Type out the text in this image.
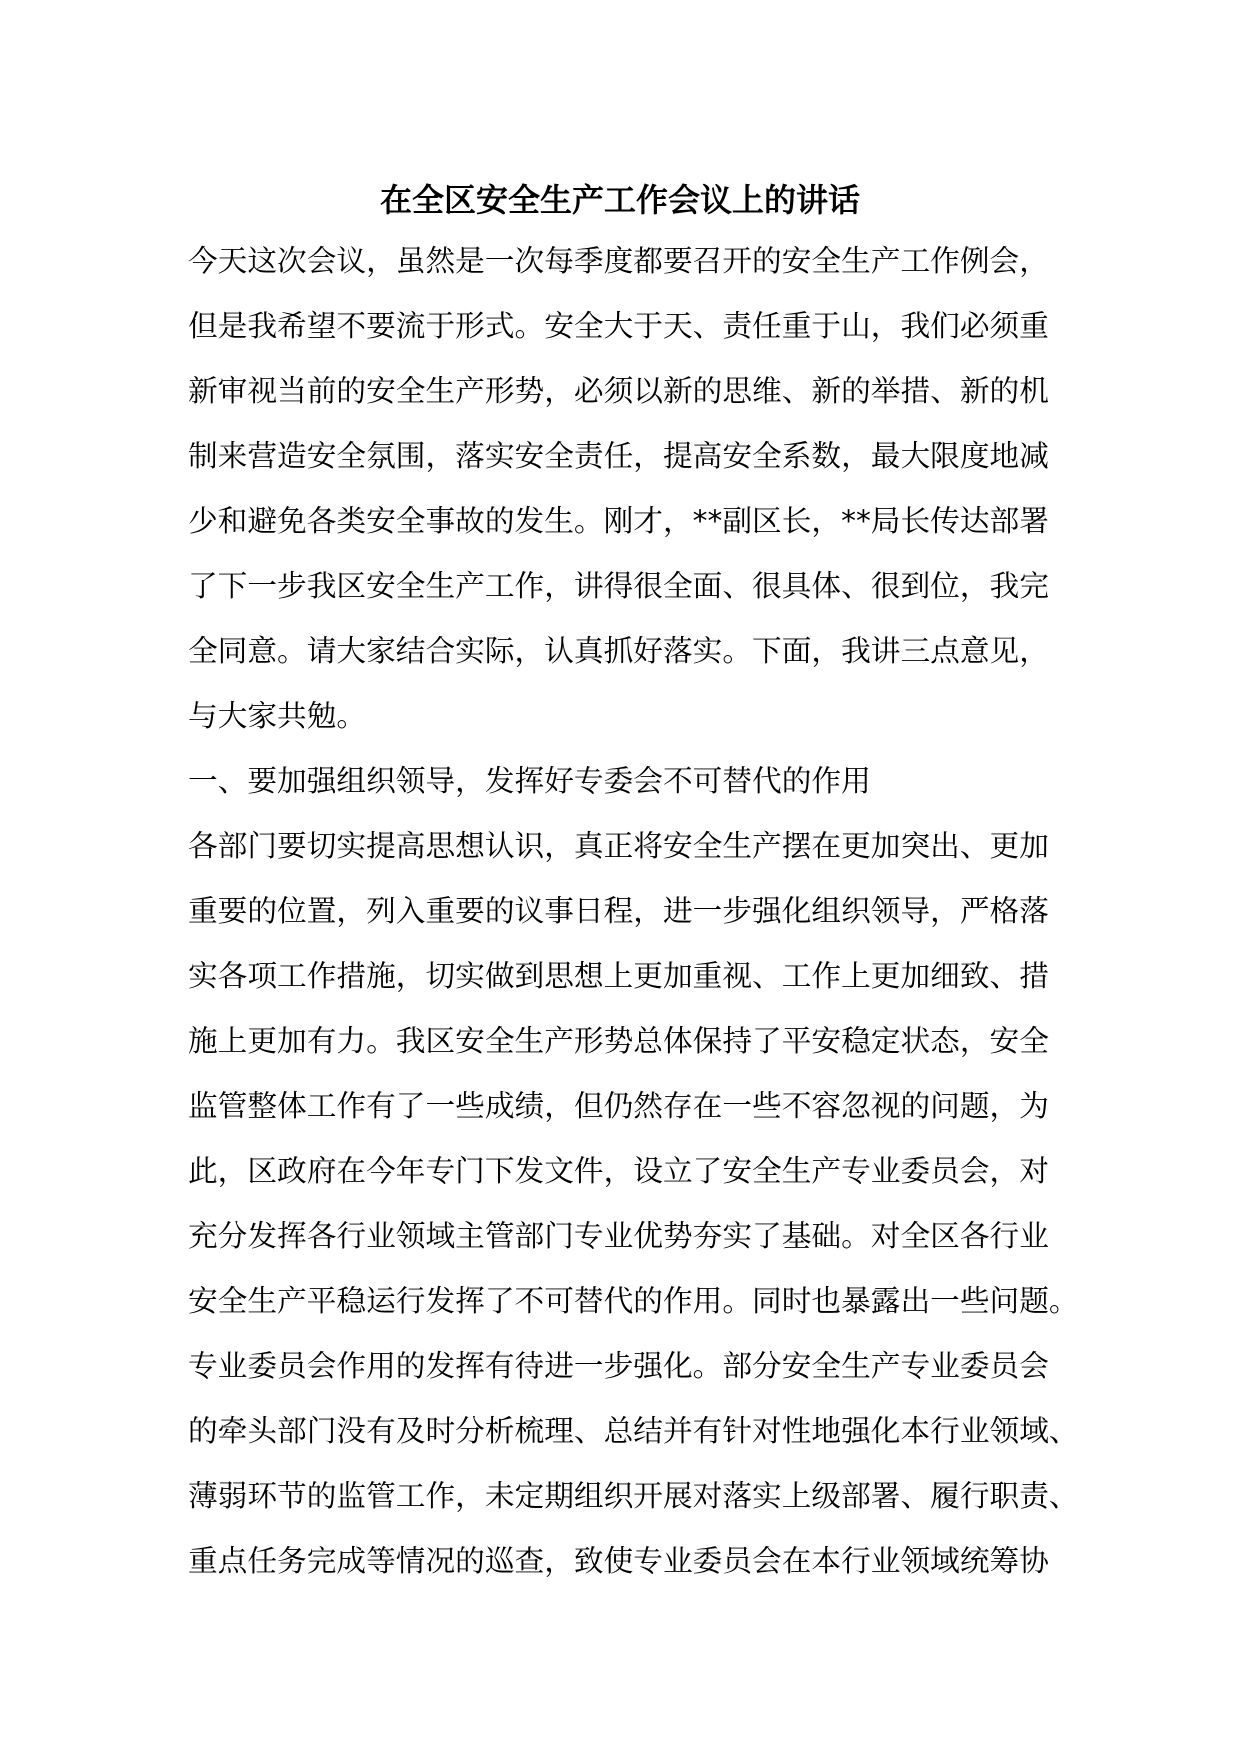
在全区安全生产工作会议上的讲话
今天这次会议，虽然是一次每季度都要召开的安全生产工作例会，
但是我希望不要流于形式。安全大于天、责任重于山，我们必须重
新审视当前的安全生产形势，必须以新的思维、新的举措、新的机
制来营造安全氛围，落实安全责任，提高安全系数，最大限度地减
少和避免各类安全事故的发生。刚才，**副区长，**局长传达部署
了下一步我区安全生产工作，讲得很全面、很具体、很到位，我完
全同意。请大家结合实际，认真抓好落实。下面，我讲三点意见，
与大家共勉。
一、要加强组织领导，发挥好专委会不可替代的作用
各部门要切实提高思想认识，真正将安全生产摆在更加突出、更加
重要的位置，列入重要的议事日程，进一步强化组织领导，严格落
实各项工作措施，切实做到思想上更加重视、工作上更加细致、措
施上更加有力。我区安全生产形势总体保持了平安稳定状态，安全
监管整体工作有了一些成绩，但仍然存在一些不容忽视的问题，为
此，区政府在今年专门下发文件，设立了安全生产专业委员会，对
充分发挥各行业领域主管部门专业优势夯实了基础。对全区各行业
安全生产平稳运行发挥了不可替代的作用。同时也暴露出一些问题。
专业委员会作用的发挥有待进一步强化。部分安全生产专业委员会
的牵头部门没有及时分析梳理、总结并有针对性地强化本行业领域、
薄弱环节的监管工作，未定期组织开展对落实上级部署、履行职责、
重点任务完成等情况的巡查，致使专业委员会在本行业领域统筹协
